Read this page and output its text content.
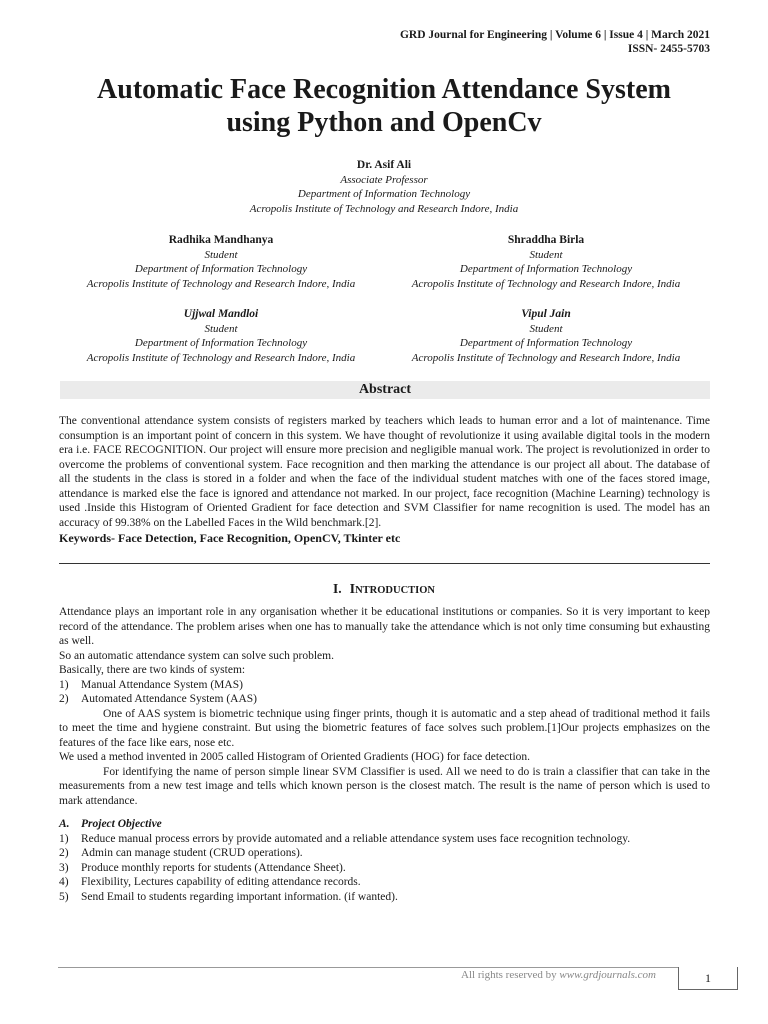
GRD Journal for Engineering | Volume 6 | Issue 4 | March 2021
ISSN- 2455-5703
Automatic Face Recognition Attendance System
using Python and OpenCv
Dr. Asif Ali
Associate Professor
Department of Information Technology
Acropolis Institute of Technology and Research Indore, India
Radhika Mandhanya
Student
Department of Information Technology
Acropolis Institute of Technology and Research Indore, India
Shraddha Birla
Student
Department of Information Technology
Acropolis Institute of Technology and Research Indore, India
Ujjwal Mandloi
Student
Department of Information Technology
Acropolis Institute of Technology and Research Indore, India
Vipul Jain
Student
Department of Information Technology
Acropolis Institute of Technology and Research Indore, India
Abstract
The conventional attendance system consists of registers marked by teachers which leads to human error and a lot of maintenance. Time consumption is an important point of concern in this system. We have thought of revolutionize it using available digital tools in the modern era i.e. FACE RECOGNITION. Our project will ensure more precision and negligible manual work. The project is revolutionized in order to overcome the problems of conventional system. Face recognition and then marking the attendance is our project all about. The database of all the students in the class is stored in a folder and when the face of the individual student matches with one of the faces stored image, attendance is marked else the face is ignored and attendance not marked. In our project, face recognition (Machine Learning) technology is used .Inside this Histogram of Oriented Gradient for face detection and SVM Classifier for name recognition is used. The model has an accuracy of 99.38% on the Labelled Faces in the Wild benchmark.[2].
Keywords- Face Detection, Face Recognition, OpenCV, Tkinter etc
I. INTRODUCTION

Attendance plays an important role in any organisation whether it be educational institutions or companies. So it is very important to keep record of the attendance. The problem arises when one has to manually take the attendance which is not only time consuming but exhausting as well.

So an automatic attendance system can solve such problem.

Basically, there are two kinds of system:

1)	Manual Attendance System (MAS)
2)	Automated Attendance System (AAS)

One of AAS system is biometric technique using finger prints, though it is automatic and a step ahead of traditional method it fails to meet the time and hygiene constraint. But using the biometric features of face solves such problem.[1]Our projects emphasizes on the features of the face like ears, nose etc.

We used a method invented in 2005 called Histogram of Oriented Gradients (HOG) for face detection.

For identifying the name of person simple linear SVM Classifier is used. All we need to do is train a classifier that can take in the measurements from a new test image and tells which known person is the closest match. The result is the name of person which is used to mark attendance.

A. Project Objective
1)	Reduce manual process errors by provide automated and a reliable attendance system uses face recognition technology.
2)	Admin can manage student (CRUD operations).
3)	Produce monthly reports for students (Attendance Sheet).
4)	Flexibility, Lectures capability of editing attendance records.
5)	Send Email to students regarding important information. (if wanted).
All rights reserved by www.grdjournals.com	1
